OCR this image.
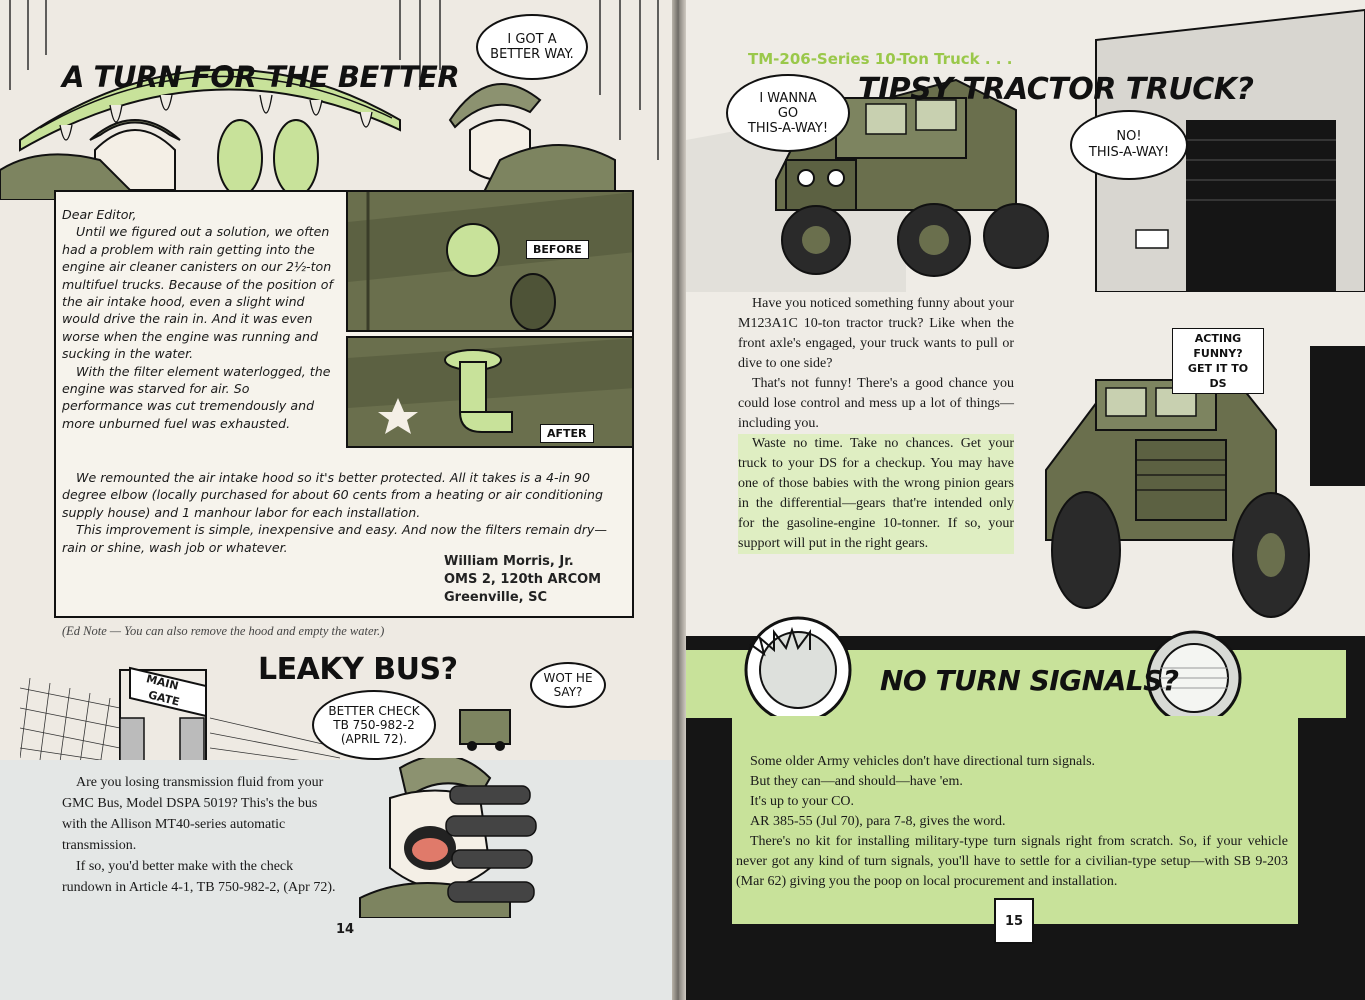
A TURN FOR THE BETTER
I GOT A
BETTER WAY.
BEFORE
AFTER

Dear Editor,

Until we figured out a solution, we often had a problem with rain getting into the engine air cleaner canisters on our 2½-ton multifuel trucks. Because of the position of the air intake hood, even a slight wind would drive the rain in. And it was even worse when the engine was running and sucking in the water.

With the filter element waterlogged, the engine was starved for air. So performance was cut tremendously and more unburned fuel was exhausted.

We remounted the air intake hood so it's better protected. All it takes is a 4-in 90 degree elbow (locally purchased for about 60 cents from a heating or air conditioning supply house) and 1 manhour labor for each installation.

This improvement is simple, inexpensive and easy. And now the filters remain dry—rain or shine, wash job or whatever.

William Morris, Jr.
OMS 2, 120th ARCOM
Greenville, SC
(Ed Note — You can also remove the hood and empty the water.)
MAIN
GATE
LEAKY BUS?
BETTER CHECK
TB 750-982-2
(APRIL 72).
WOT HE
SAY?

Are you losing transmission fluid from your GMC Bus, Model DSPA 5019? This's the bus with the Allison MT40-series automatic transmission.

If so, you'd better make with the check rundown in Article 4-1, TB 750-982-2, (Apr 72).

14
TM-206-Series 10-Ton Truck . . .
TIPSY TRACTOR TRUCK?
I WANNA
GO
THIS-A-WAY!
NO!
THIS-A-WAY!
ACTING FUNNY?
GET IT TO DS

Have you noticed something funny about your M123A1C 10-ton tractor truck? Like when the front axle's engaged, your truck wants to pull or dive to one side?

That's not funny! There's a good chance you could lose control and mess up a lot of things—including you.

Waste no time. Take no chances. Get your truck to your DS for a checkup. You may have one of those babies with the wrong pinion gears in the differential—gears that're intended only for the gasoline-engine 10-tonner. If so, your support will put in the right gears.

NO TURN SIGNALS?

Some older Army vehicles don't have directional turn signals.

But they can—and should—have 'em.

It's up to your CO.

AR 385-55 (Jul 70), para 7-8, gives the word.

There's no kit for installing military-type turn signals right from scratch. So, if your vehicle never got any kind of turn signals, you'll have to settle for a civilian-type setup—with SB 9-203 (Mar 62) giving you the poop on local procurement and installation.

15
